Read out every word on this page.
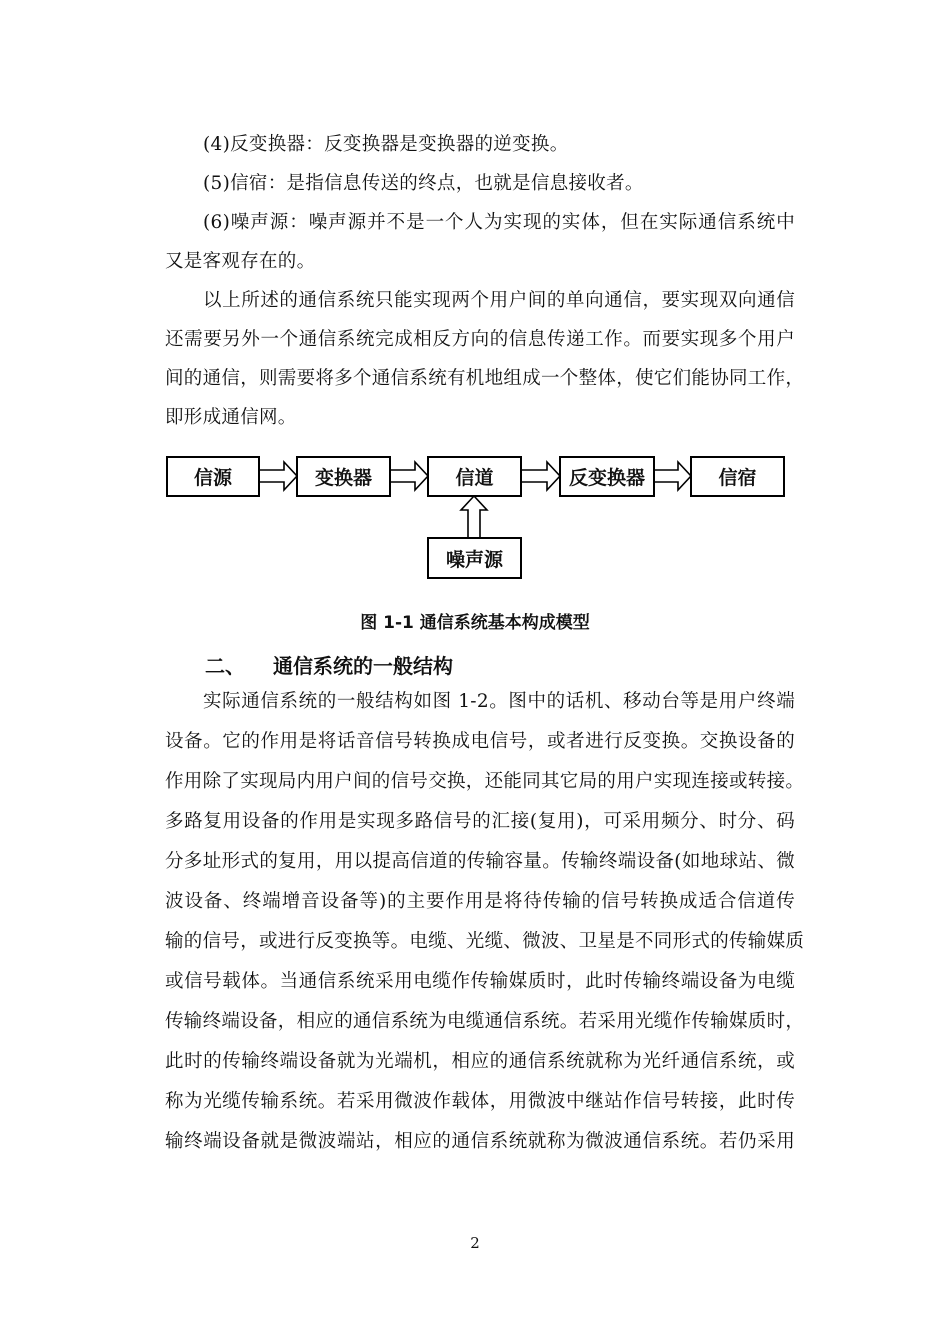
(4)反变换器：反变换器是变换器的逆变换。
(5)信宿：是指信息传送的终点，也就是信息接收者。
(6)噪声源：噪声源并不是一个人为实现的实体，但在实际通信系统中
又是客观存在的。
以上所述的通信系统只能实现两个用户间的单向通信，要实现双向通信
还需要另外一个通信系统完成相反方向的信息传递工作。而要实现多个用户
间的通信，则需要将多个通信系统有机地组成一个整体，使它们能协同工作，
即形成通信网。
信源	变换器	信道	反变换器	信宿
噪声源
图 1-1 通信系统基本构成模型
二、 通信系统的一般结构
实际通信系统的一般结构如图 1-2。图中的话机、移动台等是用户终端
设备。它的作用是将话音信号转换成电信号，或者进行反变换。交换设备的
作用除了实现局内用户间的信号交换，还能同其它局的用户实现连接或转接。
多路复用设备的作用是实现多路信号的汇接(复用)，可采用频分、时分、码
分多址形式的复用，用以提高信道的传输容量。传输终端设备(如地球站、微
波设备、终端增音设备等)的主要作用是将待传输的信号转换成适合信道传
输的信号，或进行反变换等。电缆、光缆、微波、卫星是不同形式的传输媒质
或信号载体。当通信系统采用电缆作传输媒质时，此时传输终端设备为电缆
传输终端设备，相应的通信系统为电缆通信系统。若采用光缆作传输媒质时，
此时的传输终端设备就为光端机，相应的通信系统就称为光纤通信系统，或
称为光缆传输系统。若采用微波作载体，用微波中继站作信号转接，此时传
输终端设备就是微波端站，相应的通信系统就称为微波通信系统。若仍采用
2
